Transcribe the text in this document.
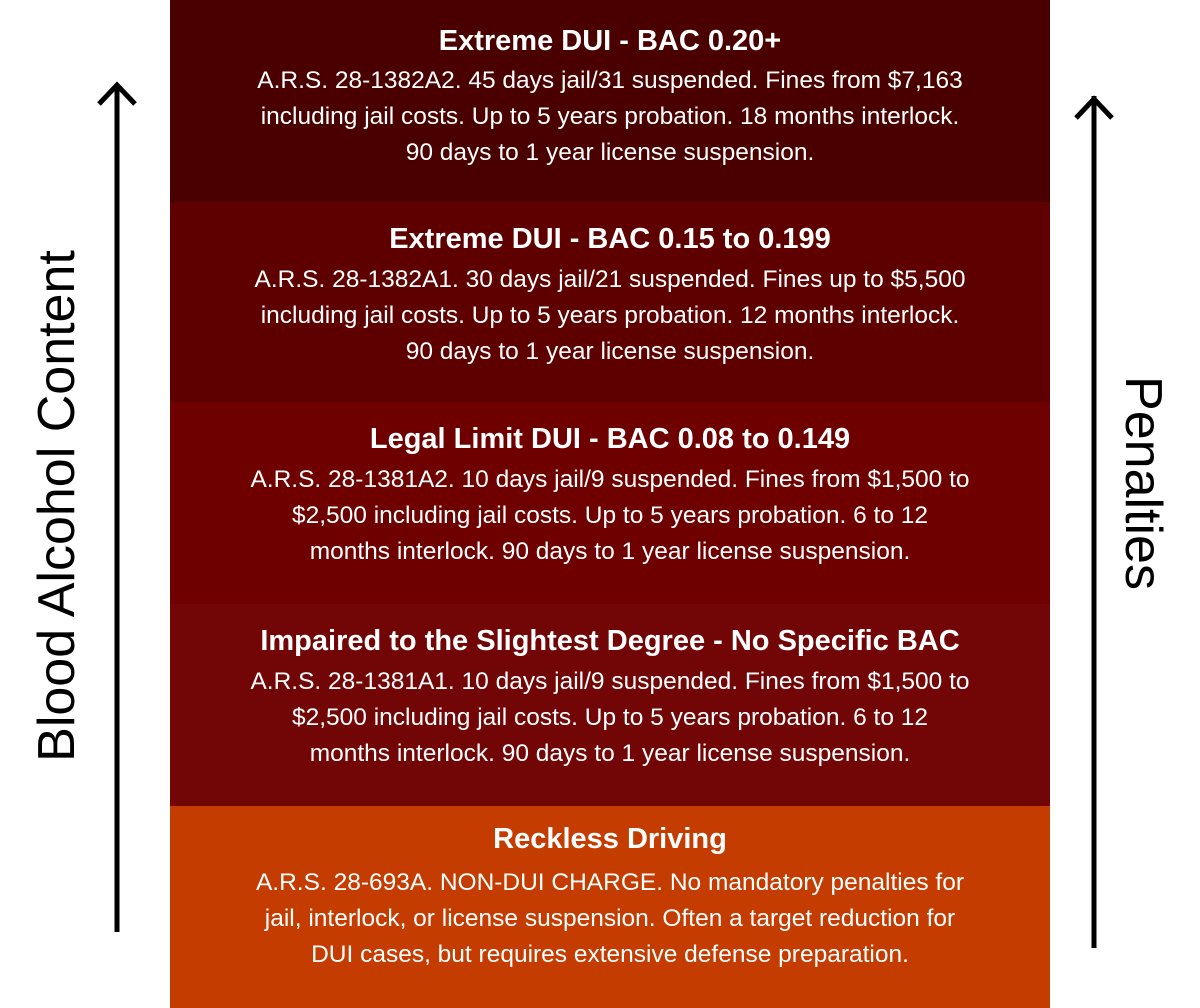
Extreme DUI - BAC 0.20+
A.R.S. 28-1382A2. 45 days jail/31 suspended. Fines from $7,163
including jail costs. Up to 5 years probation. 18 months interlock.
90 days to 1 year license suspension.
Extreme DUI - BAC 0.15 to 0.199
A.R.S. 28-1382A1. 30 days jail/21 suspended. Fines up to $5,500
including jail costs. Up to 5 years probation. 12 months interlock.
90 days to 1 year license suspension.
Legal Limit DUI - BAC 0.08 to 0.149
A.R.S. 28-1381A2. 10 days jail/9 suspended. Fines from $1,500 to
$2,500 including jail costs. Up to 5 years probation. 6 to 12
months interlock. 90 days to 1 year license suspension.
Impaired to the Slightest Degree - No Specific BAC
A.R.S. 28-1381A1. 10 days jail/9 suspended. Fines from $1,500 to
$2,500 including jail costs. Up to 5 years probation. 6 to 12
months interlock. 90 days to 1 year license suspension.
Reckless Driving
A.R.S. 28-693A. NON-DUI CHARGE. No mandatory penalties for
jail, interlock, or license suspension. Often a target reduction for
DUI cases, but requires extensive defense preparation.
Blood Alcohol Content	Penalties
